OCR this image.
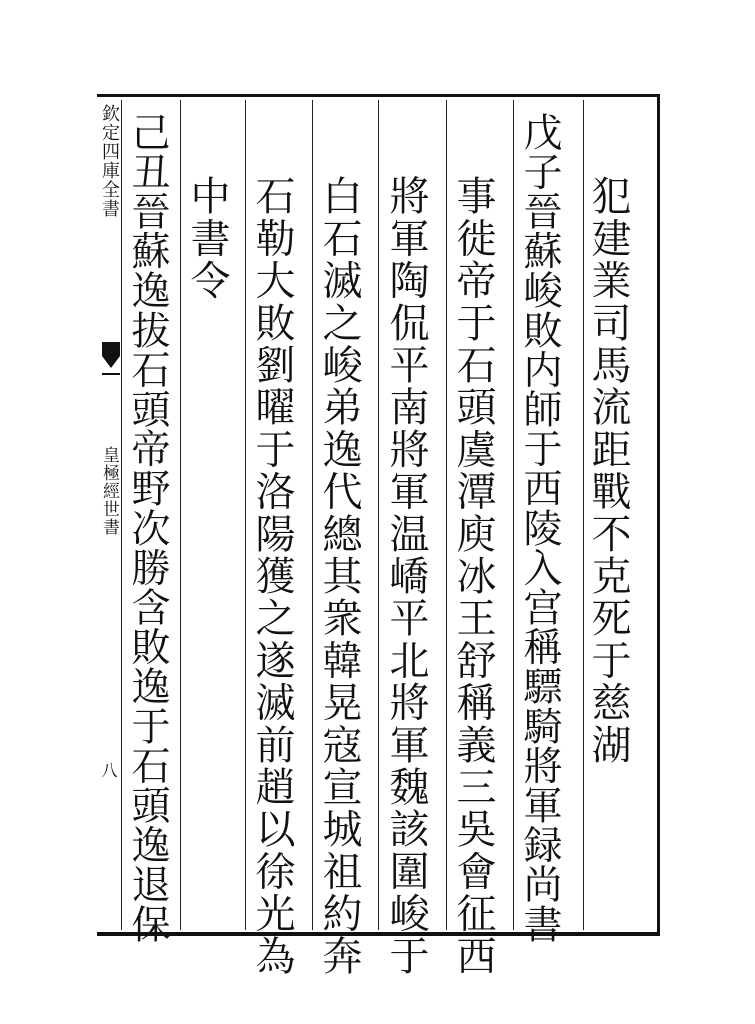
欽定四庫全書
皇極經世書
八
犯建業司馬流距戰不克死于慈湖
戊子晉蘇峻敗内師于西陵入宫稱驃騎將軍録尚書
事徙帝于石頭虞潭庾冰王舒稱義三吳會征西
將軍陶侃平南將軍温嶠平北將軍魏該圍峻于
白石滅之峻弟逸代總其衆韓晃寇宣城祖約奔
石勒大敗劉曜于洛陽獲之遂滅前趙以徐光為
中書令
己丑晉蘇逸拔石頭帝野次勝含敗逸于石頭逸退保
